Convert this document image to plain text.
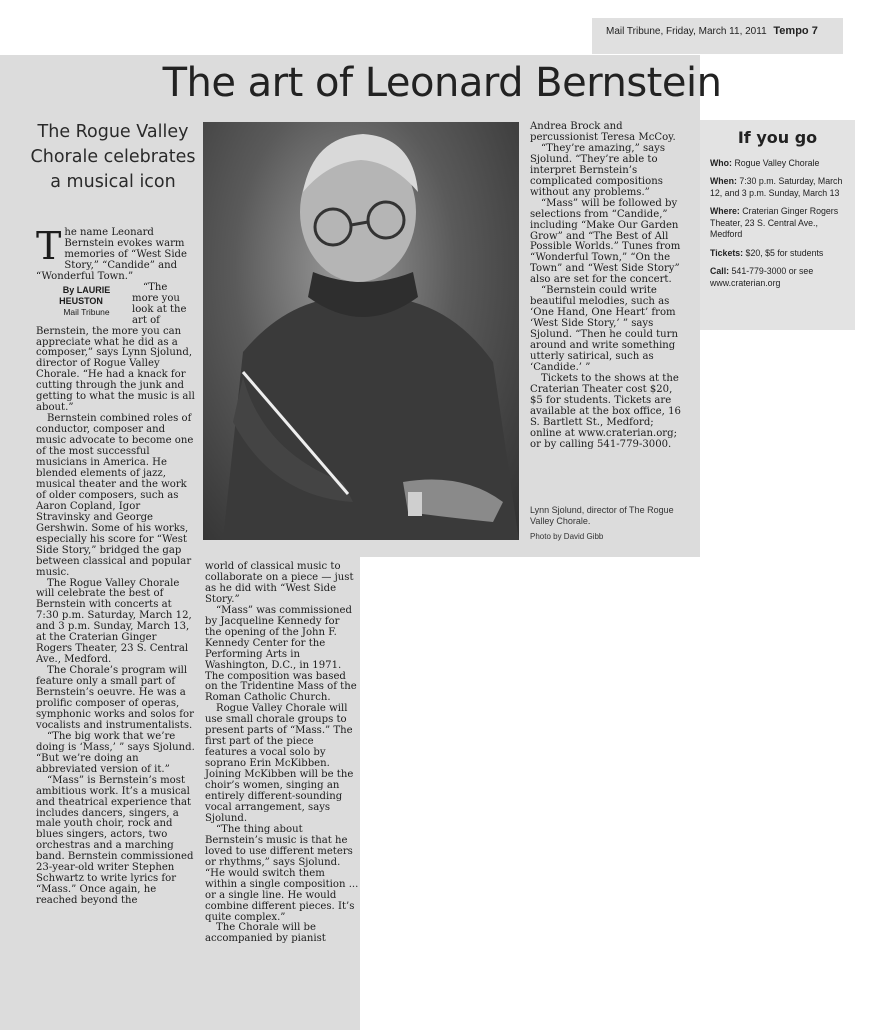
Mail Tribune, Friday, March 11, 2011 Tempo 7
The art of Leonard Bernstein
The Rogue Valley Chorale celebrates a musical icon

The name Leonard Bernstein evokes warm memories of “West Side Story,” “Candide” and “Wonderful Town.”

By LAURIE HEUSTON
Mail Tribune
“The more you look at the art of Bernstein, the more you can appreciate what he did as a composer,” says Lynn Sjolund, director of Rogue Valley Chorale. “He had a knack for cutting through the junk and getting to what the music is all about.”

Bernstein combined roles of conductor, composer and music advocate to become one of the most successful musicians in America. He blended elements of jazz, musical theater and the work of older composers, such as Aaron Copland, Igor Stravinsky and George Gershwin. Some of his works, especially his score for “West Side Story,” bridged the gap between classical and popular music.

The Rogue Valley Chorale will celebrate the best of Bernstein with concerts at 7:30 p.m. Saturday, March 12, and 3 p.m. Sunday, March 13, at the Craterian Ginger Rogers Theater, 23 S. Central Ave., Medford.

The Chorale’s program will feature only a small part of Bernstein’s oeuvre. He was a prolific composer of operas, symphonic works and solos for vocalists and instrumentalists.

“The big work that we’re doing is ‘Mass,’ ” says Sjolund. “But we’re doing an abbreviated version of it.”

“Mass” is Bernstein’s most ambitious work. It’s a musical and theatrical experience that includes dancers, singers, a male youth choir, rock and blues singers, actors, two orchestras and a marching band. Bernstein commissioned 23-year-old writer Stephen Schwartz to write lyrics for “Mass.” Once again, he reached beyond the

world of classical music to collaborate on a piece — just as he did with “West Side Story.”

“Mass” was commissioned by Jacqueline Kennedy for the opening of the John F. Kennedy Center for the Performing Arts in Washington, D.C., in 1971. The composition was based on the Tridentine Mass of the Roman Catholic Church.

Rogue Valley Chorale will use small chorale groups to present parts of “Mass.” The first part of the piece features a vocal solo by soprano Erin McKibben. Joining McKibben will be the choir’s women, singing an entirely different-sounding vocal arrangement, says Sjolund.

“The thing about Bernstein’s music is that he loved to use different meters or rhythms,” says Sjolund. “He would switch them within a single composition ... or a single line. He would combine different pieces. It’s quite complex.”

The Chorale will be accompanied by pianist

Andrea Brock and percussionist Teresa McCoy.

“They’re amazing,” says Sjolund. “They’re able to interpret Bernstein’s complicated compositions without any problems.”

“Mass” will be followed by selections from “Candide,” including “Make Our Garden Grow” and “The Best of All Possible Worlds.” Tunes from “Wonderful Town,” “On the Town” and “West Side Story” also are set for the concert.

“Bernstein could write beautiful melodies, such as ‘One Hand, One Heart’ from ‘West Side Story,’ ” says Sjolund. “Then he could turn around and write something utterly satirical, such as ‘Candide.’ ”

Tickets to the shows at the Craterian Theater cost $20, $5 for students. Tickets are available at the box office, 16 S. Bartlett St., Medford; online at www.craterian.org; or by calling 541-779-3000.

Lynn Sjolund, director of The Rogue Valley Chorale.
Photo by David Gibb
If you go
Who: Rogue Valley Chorale
When: 7:30 p.m. Saturday, March 12, and 3 p.m. Sunday, March 13
Where: Craterian Ginger Rogers Theater, 23 S. Central Ave., Medford
Tickets: $20, $5 for students
Call: 541-779-3000 or see www.craterian.org
